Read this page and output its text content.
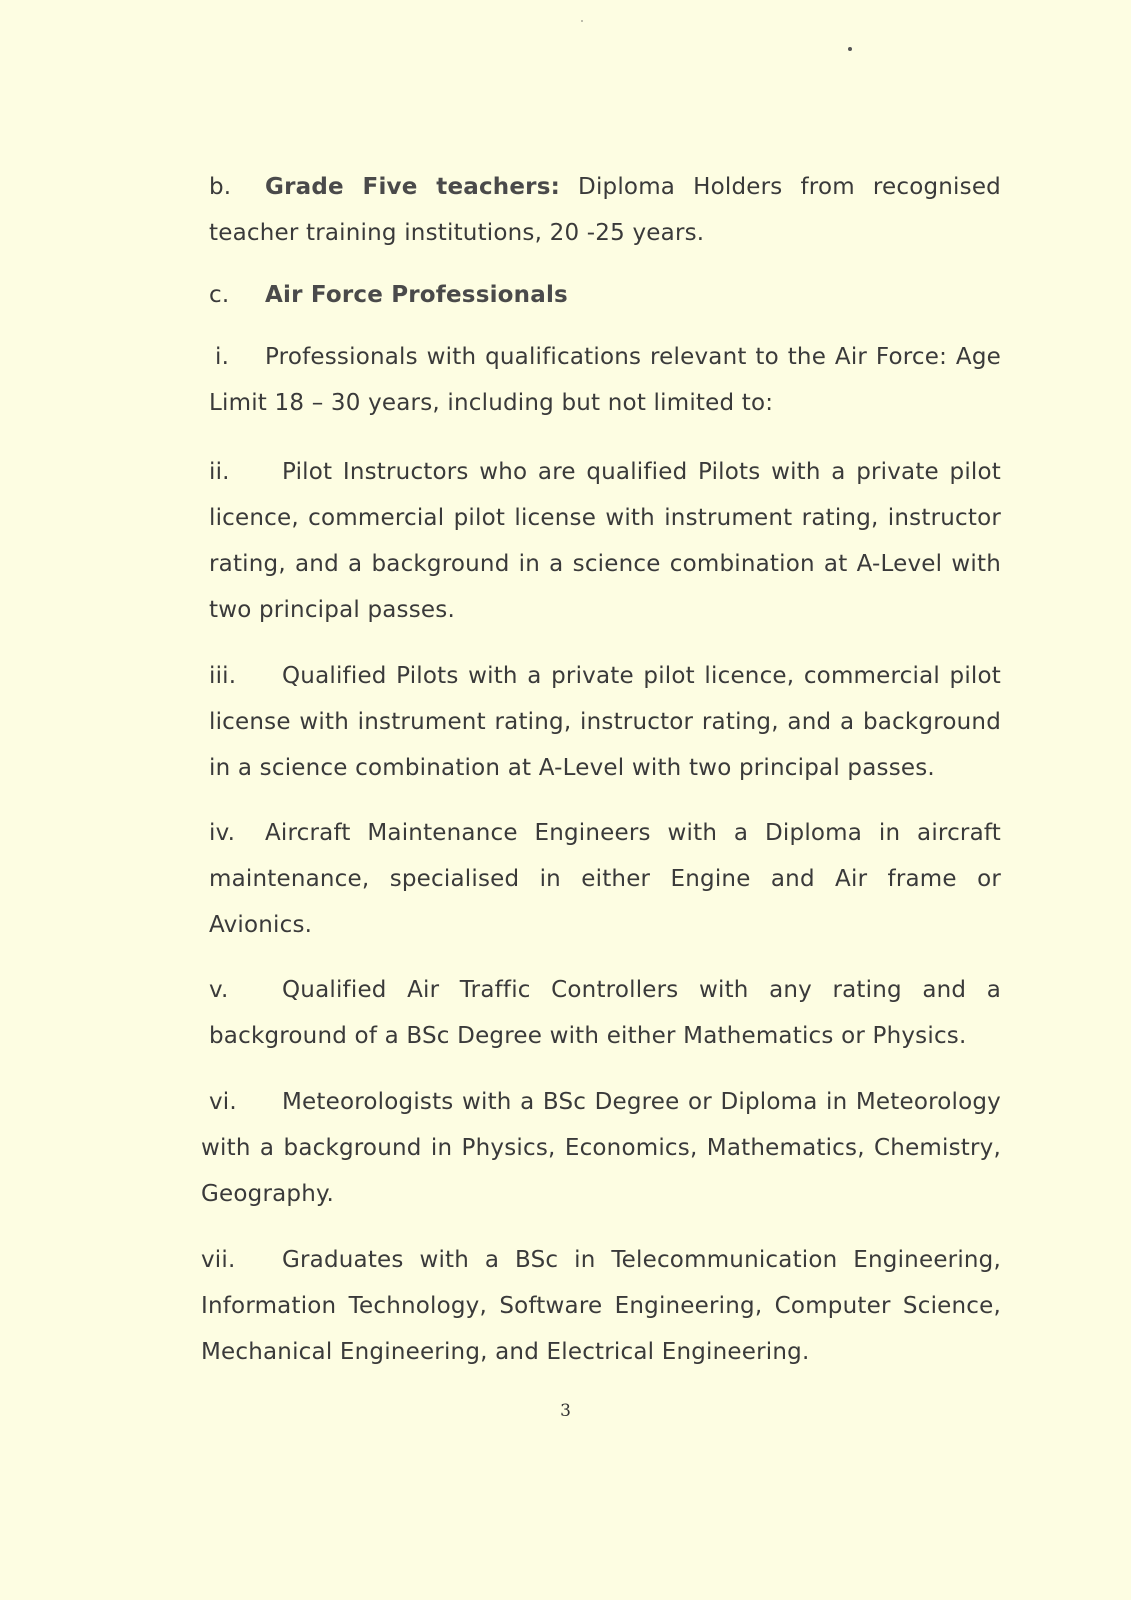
b. Grade Five teachers: Diploma Holders from recognised teacher training institutions, 20 -25 years.
c. Air Force Professionals
i. Professionals with qualifications relevant to the Air Force: Age Limit 18 – 30 years, including but not limited to:
ii. Pilot Instructors who are qualified Pilots with a private pilot licence, commercial pilot license with instrument rating, instructor rating, and a background in a science combination at A-Level with two principal passes.
iii. Qualified Pilots with a private pilot licence, commercial pilot license with instrument rating, instructor rating, and a background in a science combination at A-Level with two principal passes.
iv. Aircraft Maintenance Engineers with a Diploma in aircraft maintenance, specialised in either Engine and Air frame or Avionics.
v. Qualified Air Traffic Controllers with any rating and a background of a BSc Degree with either Mathematics or Physics.
vi. Meteorologists with a BSc Degree or Diploma in Meteorology with a background in Physics, Economics, Mathematics, Chemistry, Geography.
vii. Graduates with a BSc in Telecommunication Engineering, Information Technology, Software Engineering, Computer Science, Mechanical Engineering, and Electrical Engineering.
3
